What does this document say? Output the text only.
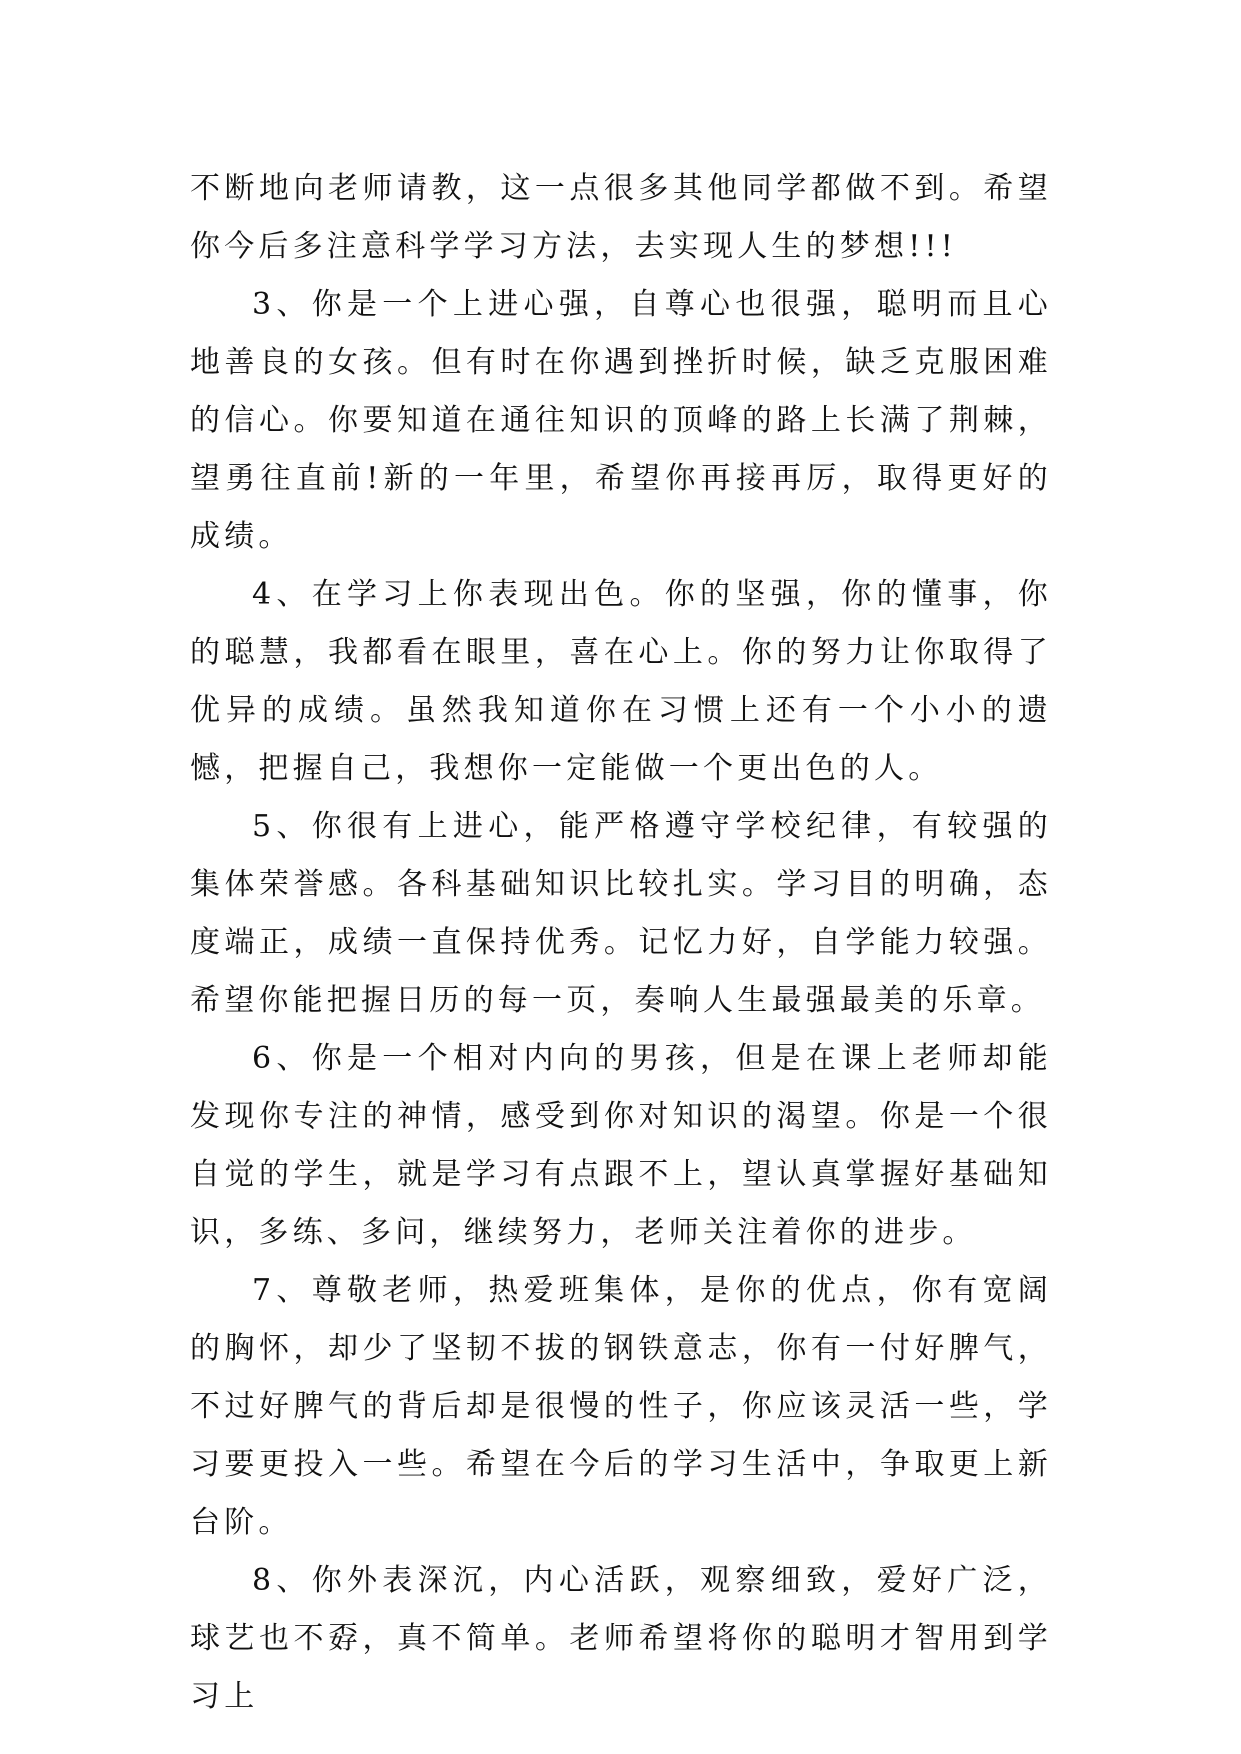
不断地向老师请教，这一点很多其他同学都做不到。希望你今后多注意科学学习方法，去实现人生的梦想!!!

3、你是一个上进心强，自尊心也很强，聪明而且心地善良的女孩。但有时在你遇到挫折时候，缺乏克服困难的信心。你要知道在通往知识的顶峰的路上长满了荆棘，望勇往直前!新的一年里，希望你再接再厉，取得更好的成绩。

4、在学习上你表现出色。你的坚强，你的懂事，你的聪慧，我都看在眼里，喜在心上。你的努力让你取得了优异的成绩。虽然我知道你在习惯上还有一个小小的遗憾，把握自己，我想你一定能做一个更出色的人。

5、你很有上进心，能严格遵守学校纪律，有较强的集体荣誉感。各科基础知识比较扎实。学习目的明确，态度端正，成绩一直保持优秀。记忆力好，自学能力较强。希望你能把握日历的每一页，奏响人生最强最美的乐章。

6、你是一个相对内向的男孩，但是在课上老师却能发现你专注的神情，感受到你对知识的渴望。你是一个很自觉的学生，就是学习有点跟不上，望认真掌握好基础知识，多练、多问，继续努力，老师关注着你的进步。

7、尊敬老师，热爱班集体，是你的优点，你有宽阔的胸怀，却少了坚韧不拔的钢铁意志，你有一付好脾气，不过好脾气的背后却是很慢的性子，你应该灵活一些，学习要更投入一些。希望在今后的学习生活中，争取更上新台阶。

8、你外表深沉，内心活跃，观察细致，爱好广泛，球艺也不孬，真不简单。老师希望将你的聪明才智用到学习上
